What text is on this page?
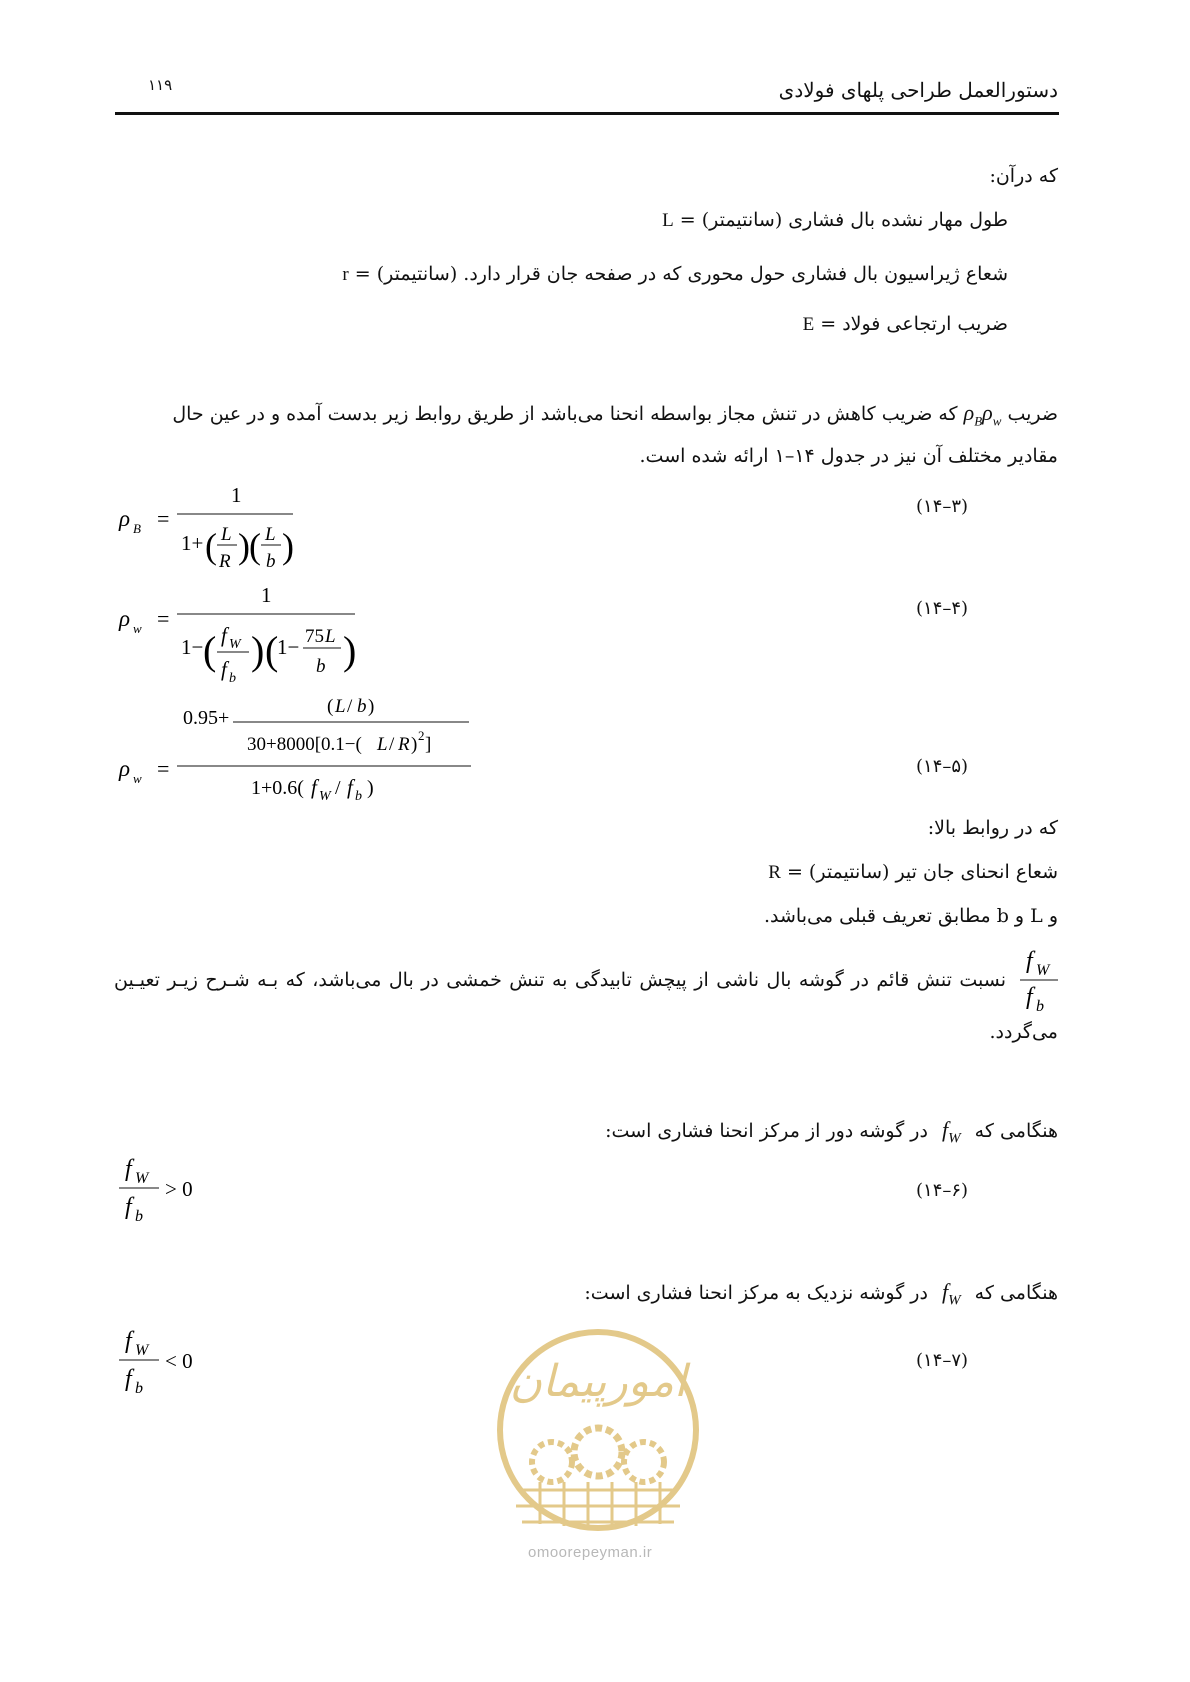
دستورالعمل طراحی پلهای فولادی
۱۱۹
که درآن:
L = طول مهار نشده بال فشاری (سانتیمتر)
r = شعاع ژیراسیون بال فشاری حول محوری که در صفحه جان قرار دارد. (سانتیمتر)
E = ضریب ارتجاعی فولاد
ضریب $\rho_B\rho_w$ که ضریب کاهش در تنش مجاز بواسطه انحنا می‌باشد از طریق روابط زیر بدست آمده و در عین حال
مقادیر مختلف آن نیز در جدول ۱۴–۱ ارائه شده است.
ρ B =
1
1+ ( L
R ) ( L
b )
(۱۴–۳)
ρ w =
1
1− ( f W
f b
) (
1− 75 L
b )
(۱۴–۴)
0.95+
( L / b )
30+8000[0.1−( L / R ) 2 ]
ρ w =
1+0.6( f W / f b )
(۱۴–۵)
که در روابط بالا:
R = شعاع انحنای جان تیر (سانتیمتر)
و L و b مطابق تعریف قبلی می‌باشد.
f W
f b
نسبت تنش قائم در گوشه بال ناشی از پیچش تابیدگی به تنش خمشی در بال می‌باشد، که بـه شـرح زیـر تعیـین
می‌گردد.
هنگامی که $f_W$ در گوشه دور از مرکز انحنا فشاری است:
f W
f b
> 0	(۱۴–۶)
هنگامی که $f_W$ در گوشه نزدیک به مرکز انحنا فشاری است:
f W
f b
< 0	(۱۴–۷)
امورپیمان
omoorepeyman.ir
